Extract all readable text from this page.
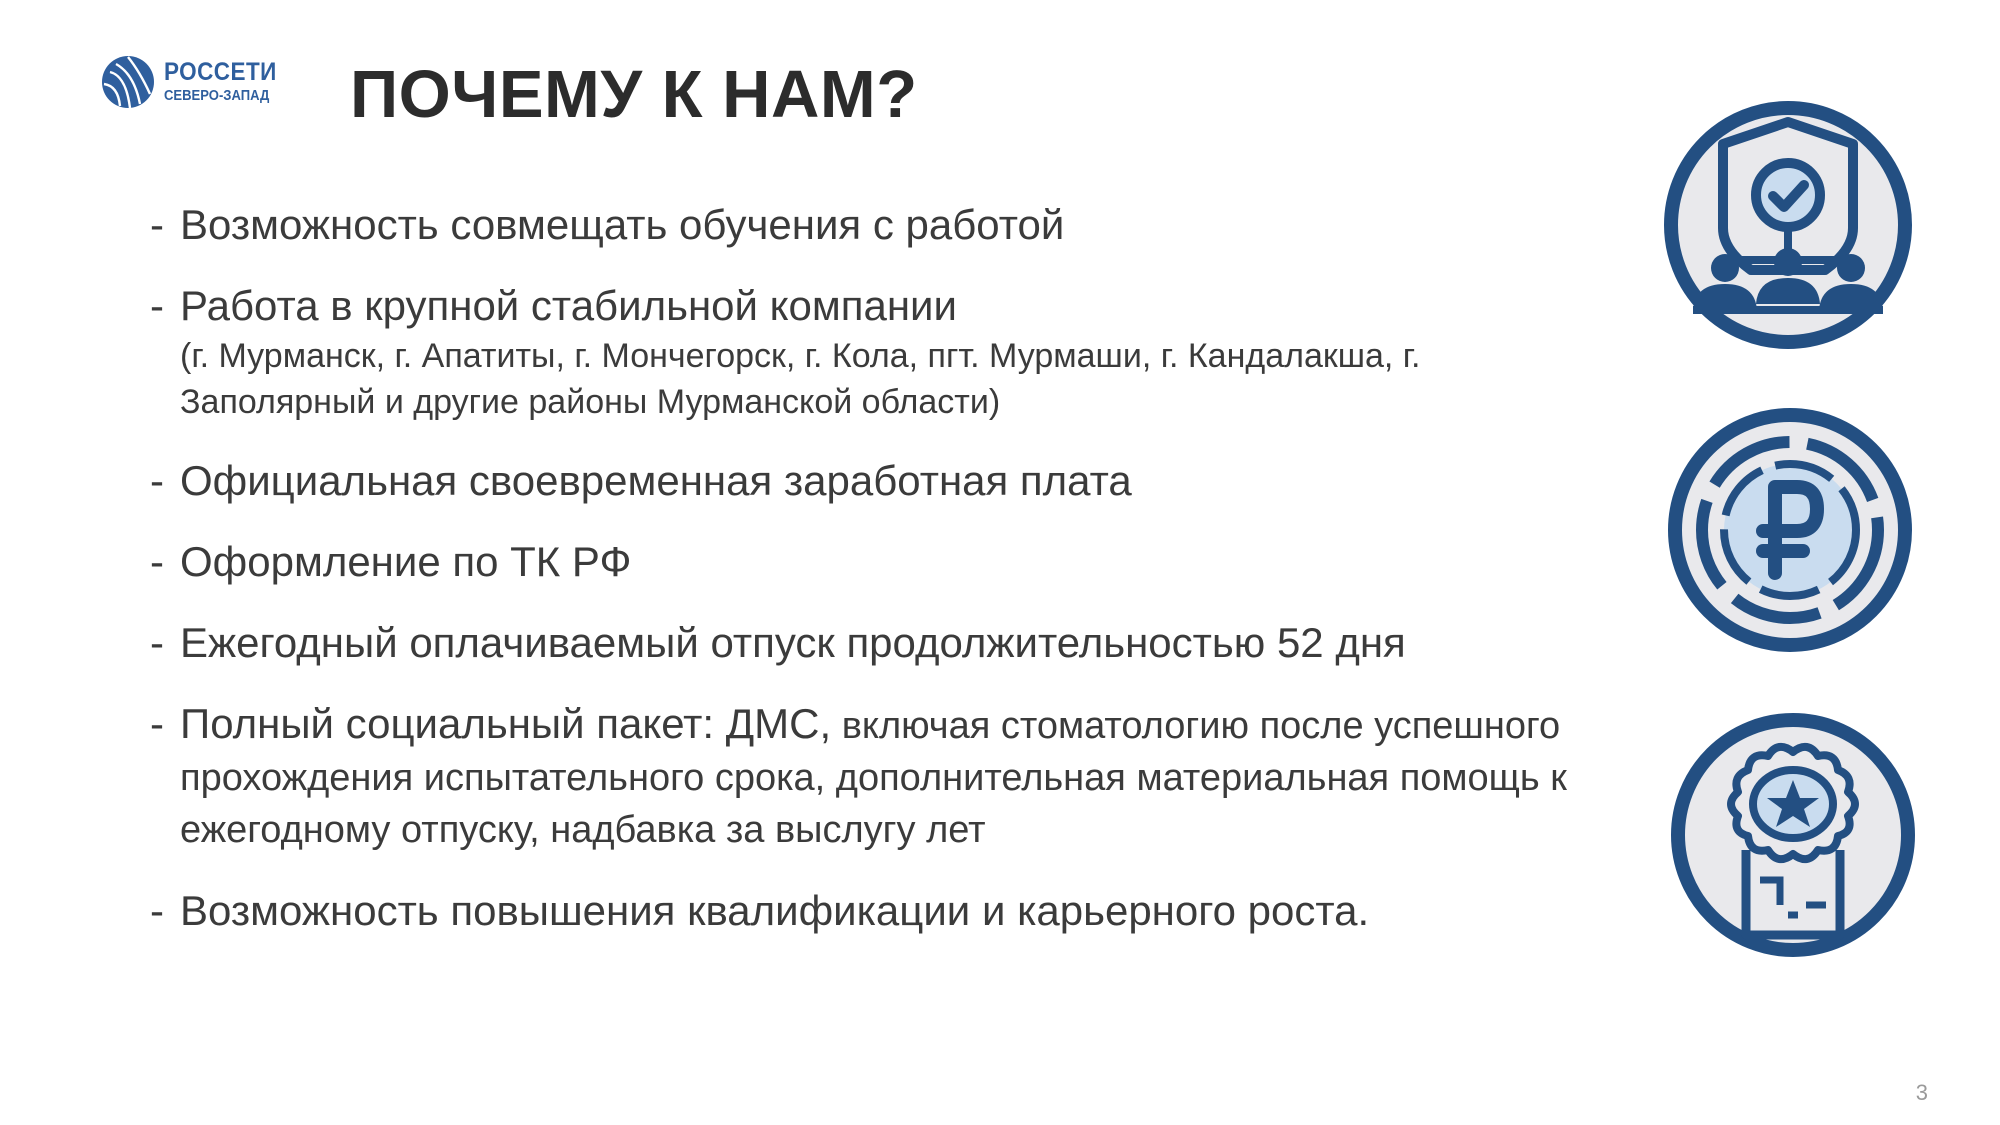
РОССЕТИ
СЕВЕРО-ЗАПАД ПОЧЕМУ К НАМ?
- Возможность совмещать обучения с работой
- Работа в крупной стабильной компании
(г. Мурманск, г. Апатиты, г. Мончегорск, г. Кола, пгт. Мурмаши, г. Кандалакша, г. Заполярный и другие районы Мурманской области)
- Официальная своевременная заработная плата
- Оформление по ТК РФ
- Ежегодный оплачиваемый отпуск продолжительностью 52 дня
- Полный социальный пакет: ДМС, включая стоматологию после успешного прохождения испытательного срока, дополнительная материальная помощь к ежегодному отпуску, надбавка за выслугу лет
- Возможность повышения квалификации и карьерного роста.
3
